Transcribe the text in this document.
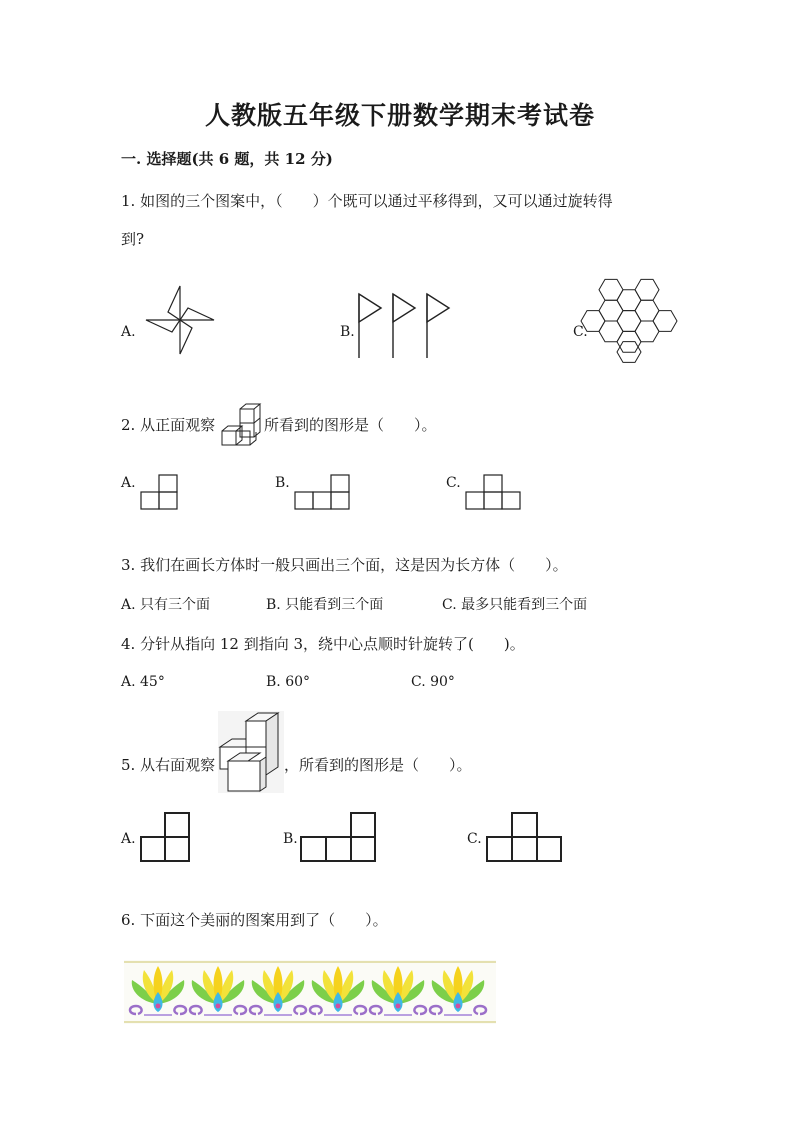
人教版五年级下册数学期末考试卷
一. 选择题(共 6 题，共 12 分)
1. 如图的三个图案中，（　　）个既可以通过平移得到，又可以通过旋转得
到?
A.	B.	C.
2. 从正面观察	所看到的图形是（　　）。
A.	B.	C.
3. 我们在画长方体时一般只画出三个面，这是因为长方体（　　）。
A. 只有三个面	B. 只能看到三个面	C. 最多只能看到三个面
4. 分针从指向 12 到指向 3，绕中心点顺时针旋转了(　　)。
A. 45°	B. 60°	C. 90°
5. 从右面观察	，所看到的图形是（　　）。
A.	B.	C.
6. 下面这个美丽的图案用到了（　　）。
